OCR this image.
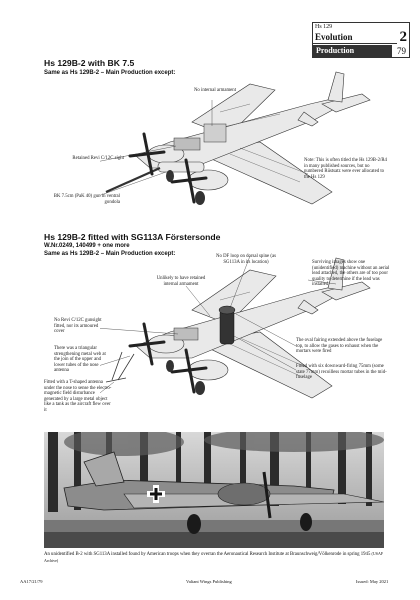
Hs 129
Evolution	2
Production	79
Hs 129B-2 with BK 7.5
Same as Hs 129B-2 – Main Production except:
No internal armament
Retained Revi C/12C sight
BK 7.5cm (PaK 40) gun in ventral gondola
Note: This is often titled the Hs 129B-2/R4 in many published sources, but no numbered Rüstsatz were ever allocated to the Hs 129
Hs 129B-2 fitted with SG113A Förstersonde
W.Nr.0249, 140499 + one more
Same as Hs 129B-2 – Main Production except:	No DF loop on dorsal spine (as SG113A in its location)
Unlikely to have retained internal armament
Surviving images show one (unidentified) machine without an aerial lead attached, the others are of too poor quality to determine if the lead was installed
No Revi C/12C gunsight fitted, nor its armoured cover
There was a triangular strengthening metal web at the join of the upper and lower tubes of the nose antenna
The oval fairing extended above the fuselage top, to allow the gases to exhaust when the mortars were fired
Fitted with six downward-firing 75mm (some state 77mm) recoilless mortar tubes in the mid-fuselage
Fitted with a T-shaped antenna under the nose to sense the electro-magnetic field disturbance generated by a large metal object like a tank as the aircraft flew over it
An unidentified B-2 with SG113A installed found by American troops when they overran the Aeronautical Research Institute at Braunschweig/Völkenrode in spring 1945 (USAF Archive)
AA17/21/79	Valiant Wings Publishing	Issued: May 2021
